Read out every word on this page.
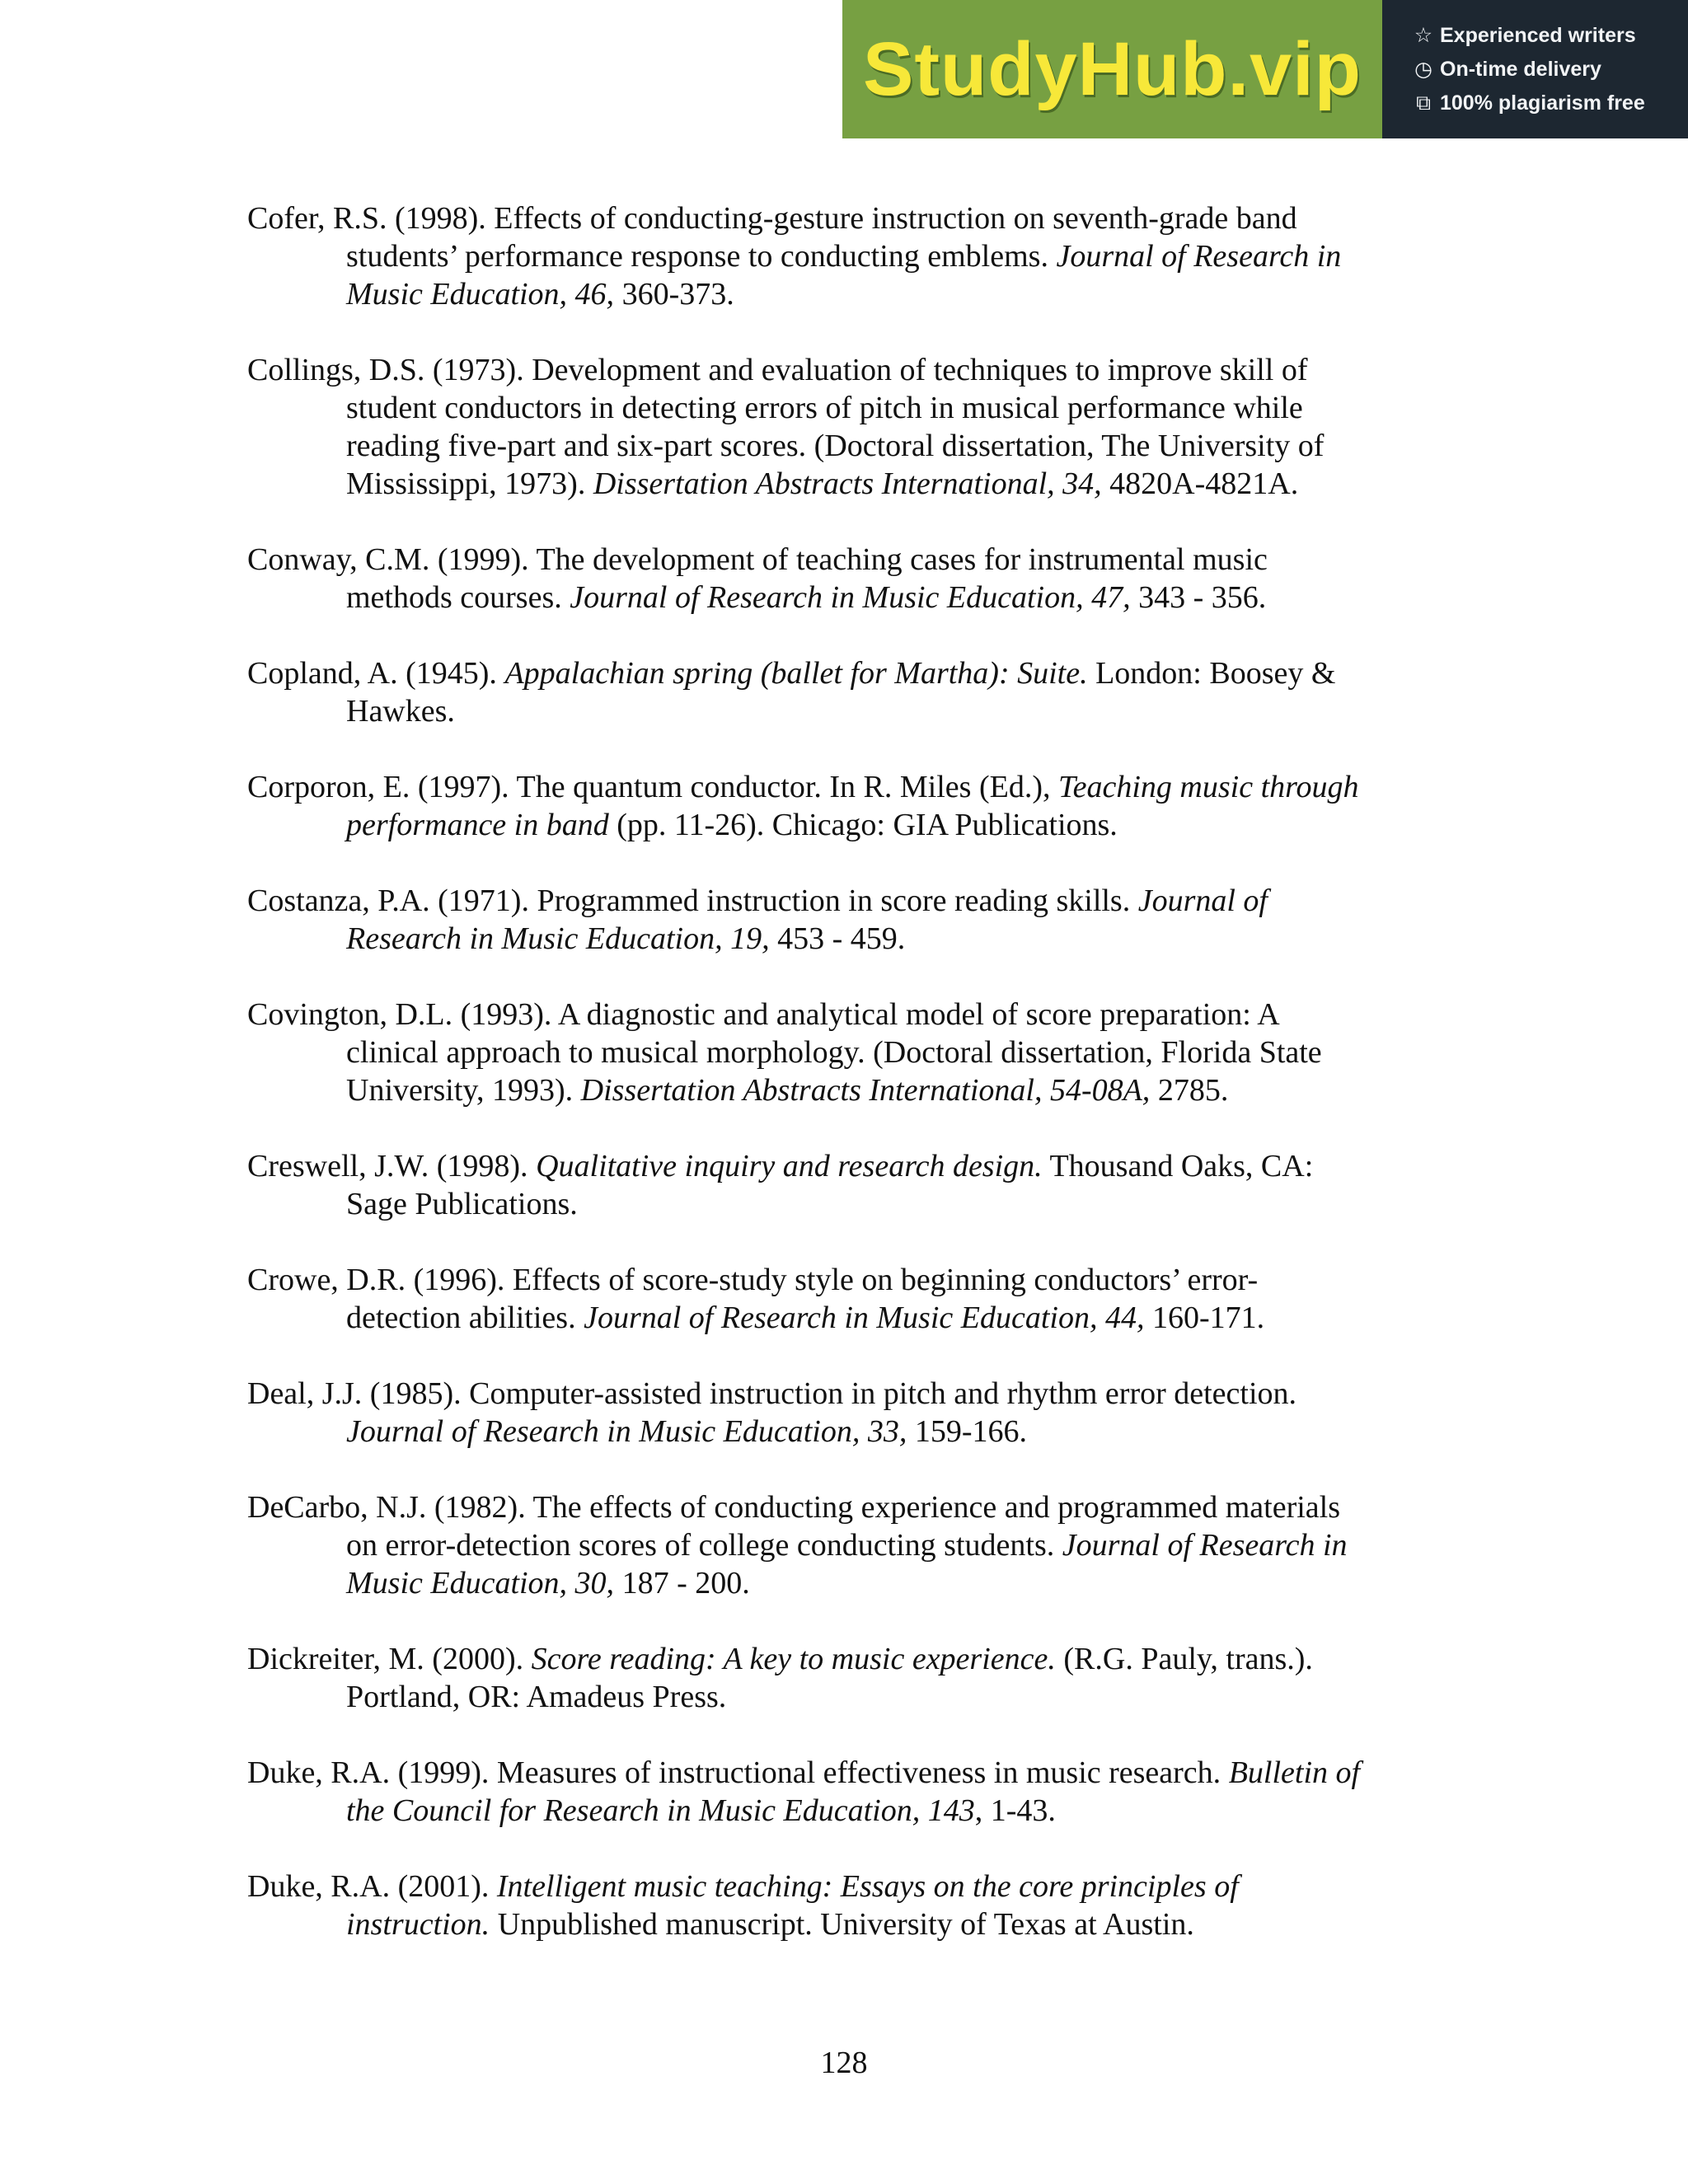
StudyHub.vip	☆ Experienced writers
◷ On-time delivery
⧉ 100% plagiarism free

Cofer, R.S. (1998). Effects of conducting-gesture instruction on seventh-grade band
students’ performance response to conducting emblems. Journal of Research in
Music Education, 46, 360-373.

Collings, D.S. (1973). Development and evaluation of techniques to improve skill of
student conductors in detecting errors of pitch in musical performance while
reading five-part and six-part scores. (Doctoral dissertation, The University of
Mississippi, 1973). Dissertation Abstracts International, 34, 4820A-4821A.

Conway, C.M. (1999). The development of teaching cases for instrumental music
methods courses. Journal of Research in Music Education, 47, 343 - 356.

Copland, A. (1945). Appalachian spring (ballet for Martha): Suite. London: Boosey &
Hawkes.

Corporon, E. (1997). The quantum conductor. In R. Miles (Ed.), Teaching music through
performance in band (pp. 11-26). Chicago: GIA Publications.

Costanza, P.A. (1971). Programmed instruction in score reading skills. Journal of
Research in Music Education, 19, 453 - 459.

Covington, D.L. (1993). A diagnostic and analytical model of score preparation: A
clinical approach to musical morphology. (Doctoral dissertation, Florida State
University, 1993). Dissertation Abstracts International, 54-08A, 2785.

Creswell, J.W. (1998). Qualitative inquiry and research design. Thousand Oaks, CA:
Sage Publications.

Crowe, D.R. (1996). Effects of score-study style on beginning conductors’ error-
detection abilities. Journal of Research in Music Education, 44, 160-171.

Deal, J.J. (1985). Computer-assisted instruction in pitch and rhythm error detection.
Journal of Research in Music Education, 33, 159-166.

DeCarbo, N.J. (1982). The effects of conducting experience and programmed materials
on error-detection scores of college conducting students. Journal of Research in
Music Education, 30, 187 - 200.

Dickreiter, M. (2000). Score reading: A key to music experience. (R.G. Pauly, trans.).
Portland, OR: Amadeus Press.

Duke, R.A. (1999). Measures of instructional effectiveness in music research. Bulletin of
the Council for Research in Music Education, 143, 1-43.

Duke, R.A. (2001). Intelligent music teaching: Essays on the core principles of
instruction. Unpublished manuscript. University of Texas at Austin.

128
